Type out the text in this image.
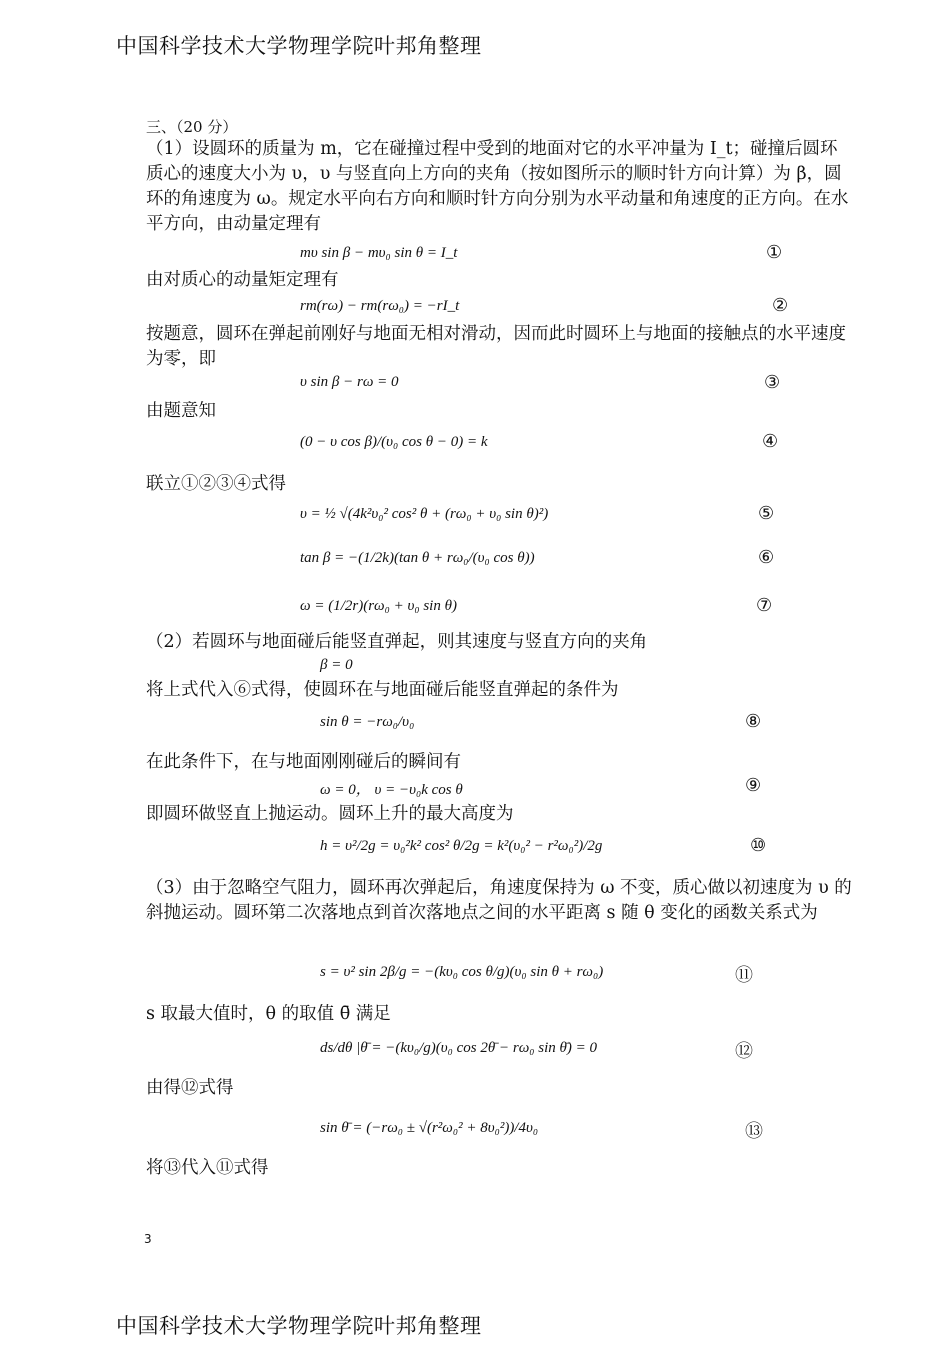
中国科学技术大学物理学院叶邦角整理
三、（20 分）
（1）设圆环的质量为 m，它在碰撞过程中受到的地面对它的水平冲量为 I_t；碰撞后圆环质心的速度大小为 υ，υ 与竖直向上方向的夹角（按如图所示的顺时针方向计算）为 β，圆环的角速度为 ω。规定水平向右方向和顺时针方向分别为水平动量和角速度的正方向。在水平方向，由动量定理有
mυ sin β − mυ₀ sin θ = I_t	①
由对质心的动量矩定理有
rm(rω) − rm(rω₀) = −rI_t	②
按题意，圆环在弹起前刚好与地面无相对滑动，因而此时圆环上与地面的接触点的水平速度为零，即
υ sin β − rω = 0	③
由题意知
(0 − υ cos β)/(υ₀ cos θ − 0) = k	④
联立①②③④式得
υ = ½ √(4k²υ₀² cos² θ + (rω₀ + υ₀ sin θ)²)	⑤
tan β = −(1/2k)(tan θ + rω₀/(υ₀ cos θ))	⑥
ω = (1/2r)(rω₀ + υ₀ sin θ)	⑦
（2）若圆环与地面碰后能竖直弹起，则其速度与竖直方向的夹角
β = 0
将上式代入⑥式得，使圆环在与地面碰后能竖直弹起的条件为
sin θ = −rω₀/υ₀	⑧
在此条件下，在与地面刚刚碰后的瞬间有
ω = 0， υ = −υ₀k cos θ	⑨
即圆环做竖直上抛运动。圆环上升的最大高度为
h = υ²/2g = υ₀²k² cos² θ/2g = k²(υ₀² − r²ω₀²)/2g	⑩
（3）由于忽略空气阻力，圆环再次弹起后，角速度保持为 ω 不变，质心做以初速度为 υ 的斜抛运动。圆环第二次落地点到首次落地点之间的水平距离 s 随 θ 变化的函数关系式为
s = υ² sin 2β/g = −(kυ₀ cos θ/g)(υ₀ sin θ + rω₀)	⑪
s 取最大值时，θ 的取值 θ̄ 满足
ds/dθ |θ̄ = −(kυ₀/g)(υ₀ cos 2θ̄ − rω₀ sin θ̄) = 0	⑫
由得⑫式得
sin θ̄ = (−rω₀ ± √(r²ω₀² + 8υ₀²))/4υ₀	⑬
将⑬代入⑪式得
3
中国科学技术大学物理学院叶邦角整理
